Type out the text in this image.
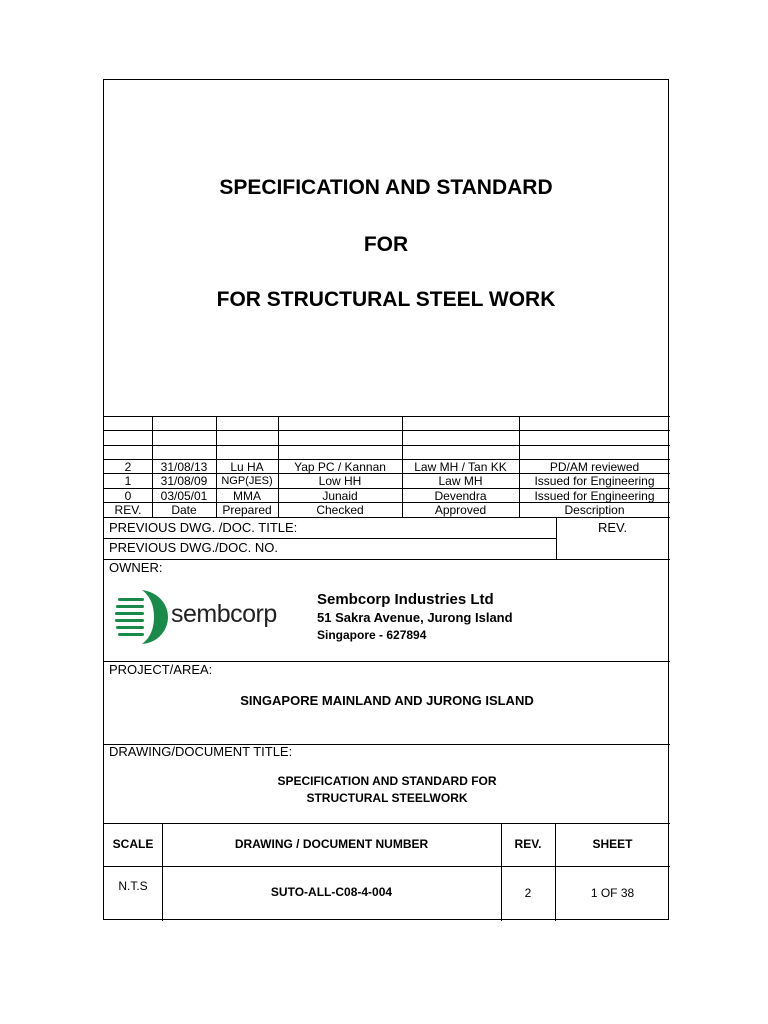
SPECIFICATION AND STANDARD
FOR
FOR STRUCTURAL STEEL WORK
2	31/08/13	Lu HA	Yap PC / Kannan	Law MH / Tan KK	PD/AM reviewed
1	31/08/09	NGP(JES)	Low HH	Law MH	Issued for Engineering
0	03/05/01	MMA	Junaid	Devendra	Issued for Engineering
REV.	Date	Prepared	Checked	Approved	Description
PREVIOUS DWG. /DOC. TITLE:
PREVIOUS DWG./DOC. NO.
REV.
OWNER:
sembcorp
Sembcorp Industries Ltd
51 Sakra Avenue, Jurong Island
Singapore - 627894
PROJECT/AREA:
SINGAPORE MAINLAND AND JURONG ISLAND
DRAWING/DOCUMENT TITLE:
SPECIFICATION AND STANDARD FOR
STRUCTURAL STEELWORK
SCALE	DRAWING / DOCUMENT NUMBER	REV.	SHEET
N.T.S	SUTO-ALL-C08-4-004	2	1 OF 38
